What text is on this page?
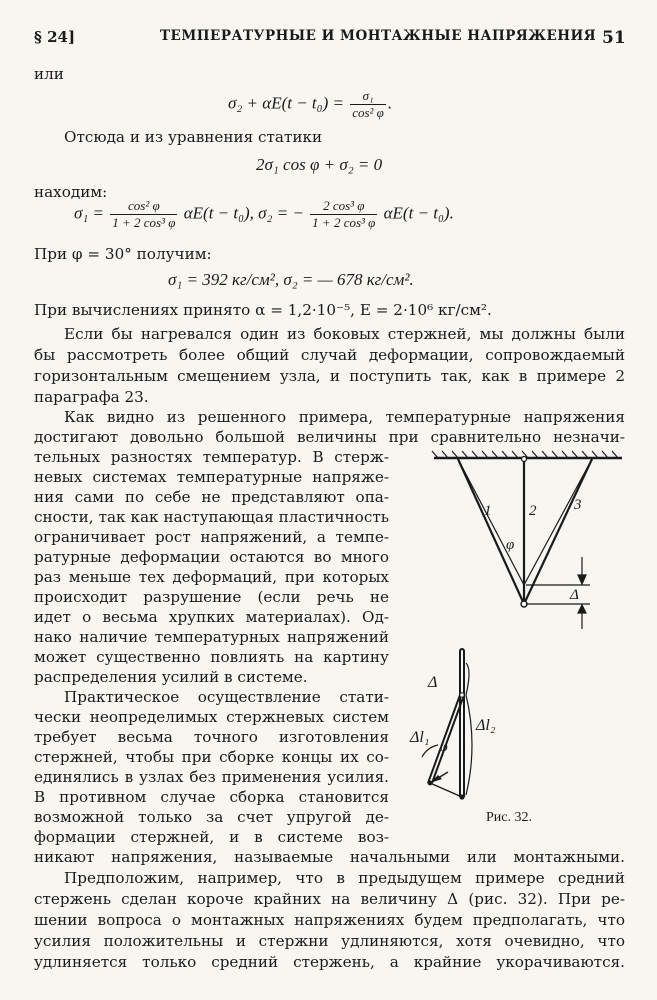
§ 24]	ТЕМПЕРАТУРНЫЕ И МОНТАЖНЫЕ НАПРЯЖЕНИЯ 51
или
$\sigma_2 + \alpha E(t - t_0) = \frac{\text{σ₁}}{\text{cos² φ}}$ .
Отсюда и из уравнения статики
2σ₁ cos φ + σ₂ = 0
находим:
$\sigma_1 = \frac{\text{cos² φ}}{\text{1 + 2 cos³ φ}} \alpha E(t - t_0)$, σ₂ = − $\frac{\text{2 cos³ φ}}{\text{1 + 2 cos³ φ}} \alpha E(t - t_0)$.
При φ = 30° получим:
σ₁ = 392 кг/см², σ₂ = — 678 кг/см².
При вычислениях принято α = 1,2·10⁻⁵, E = 2·10⁶ кг/см².
Если бы нагревался один из боковых стержней, мы должны были
бы рассмотреть более общий случай деформации, сопровождаемый
горизонтальным смещением узла, и поступить так, как в примере 2
параграфа 23.
Как видно из решенного примера, температурные напряжения
достигают довольно большой величины при сравнительно незначи-
тельных разностях температур. В стерж-
невых системах температурные напряже-
ния сами по себе не представляют опа-
сности, так как наступающая пластичность
ограничивает рост напряжений, а темпе-
ратурные деформации остаются во много
раз меньше тех деформаций, при которых
происходит разрушение (если речь не
идет о весьма хрупких материалах). Од-
нако наличие температурных напряжений
может существенно повлиять на картину
распределения усилий в системе.
Практическое осуществление стати-
чески неопределимых стержневых систем
требует весьма точного изготовления
стержней, чтобы при сборке концы их со-
единялись в узлах без применения усилия.
В противном случае сборка становится
возможной только за счет упругой де-
формации стержней, и в системе воз-
никают напряжения, называемые начальными или монтажными.
Предположим, например, что в предыдущем примере средний
стержень сделан короче крайних на величину Δ (рис. 32). При ре-
шении вопроса о монтажных напряжениях будем предполагать, что
усилия положительны и стержни удлиняются, хотя очевидно, что
удлиняется только средний стержень, а крайние укорачиваются.
1	2	3
φ
Δ
Δ
Δl₂
Δl₁
φ
Рис. 32.
